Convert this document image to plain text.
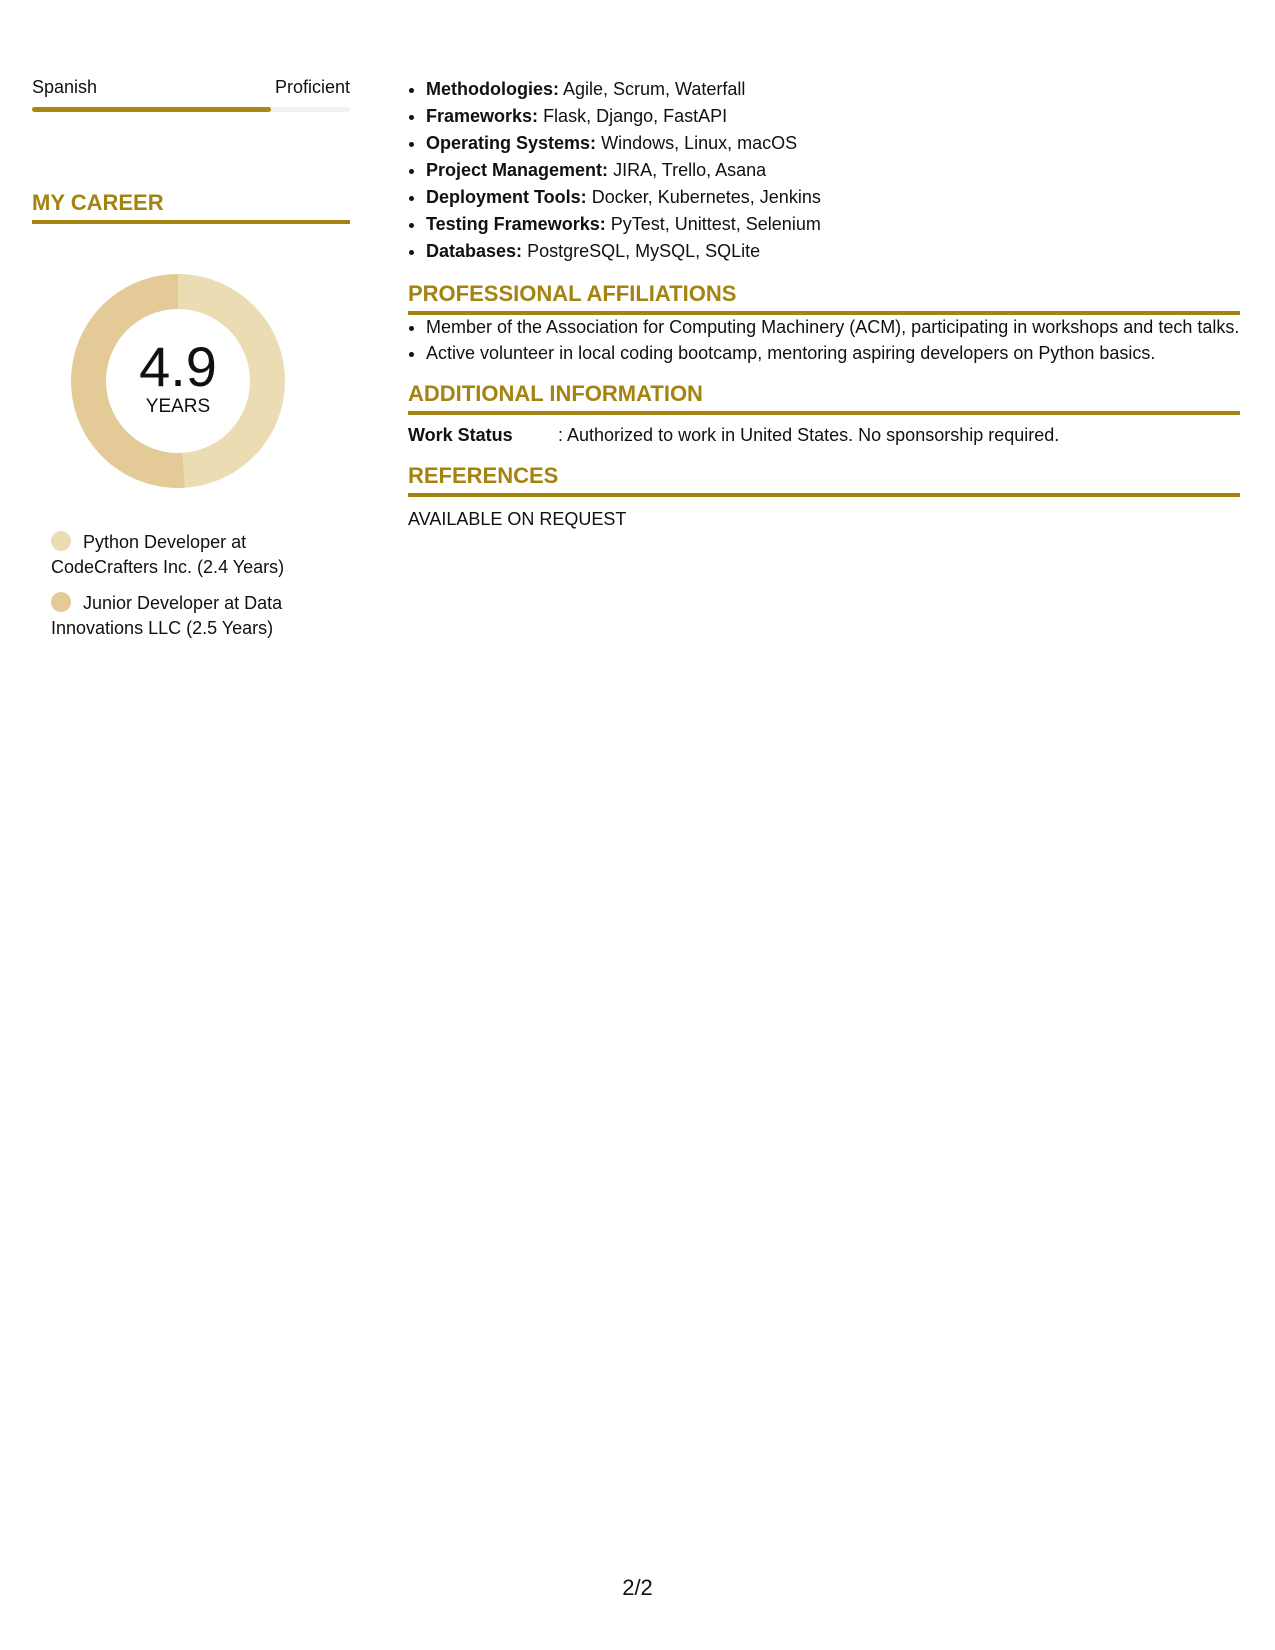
Spanish	Proficient
MY CAREER
4.9
YEARS
Python Developer at CodeCrafters Inc. (2.4 Years)
Junior Developer at Data Innovations LLC (2.5 Years)
• Methodologies: Agile, Scrum, Waterfall
• Frameworks: Flask, Django, FastAPI
• Operating Systems: Windows, Linux, macOS
• Project Management: JIRA, Trello, Asana
• Deployment Tools: Docker, Kubernetes, Jenkins
• Testing Frameworks: PyTest, Unittest, Selenium
• Databases: PostgreSQL, MySQL, SQLite
PROFESSIONAL AFFILIATIONS
• Member of the Association for Computing Machinery (ACM), participating in workshops and tech talks.
• Active volunteer in local coding bootcamp, mentoring aspiring developers on Python basics.
ADDITIONAL INFORMATION
Work Status	: Authorized to work in United States. No sponsorship required.
REFERENCES
AVAILABLE ON REQUEST
2/2
